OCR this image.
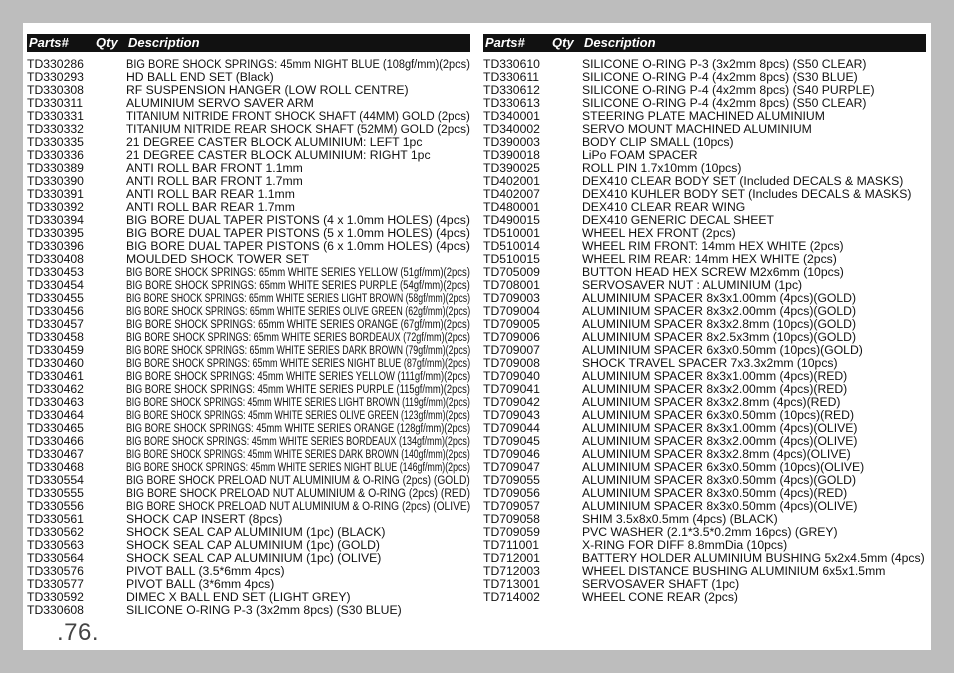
Parts# Qty Description
TD330286	BIG BORE SHOCK SPRINGS: 45mm NIGHT BLUE (108gf/mm)(2pcs)
TD330293	HD BALL END SET (Black)
TD330308	RF SUSPENSION HANGER (LOW ROLL CENTRE)
TD330311	ALUMINIUM SERVO SAVER ARM
TD330331	TITANIUM NITRIDE FRONT SHOCK SHAFT (44MM) GOLD (2pcs)
TD330332	TITANIUM NITRIDE REAR SHOCK SHAFT (52MM) GOLD (2pcs)
TD330335	21 DEGREE CASTER BLOCK ALUMINIUM: LEFT 1pc
TD330336	21 DEGREE CASTER BLOCK ALUMINIUM: RIGHT 1pc
TD330389	ANTI ROLL BAR FRONT 1.1mm
TD330390	ANTI ROLL BAR FRONT 1.7mm
TD330391	ANTI ROLL BAR REAR 1.1mm
TD330392	ANTI ROLL BAR REAR 1.7mm
TD330394	BIG BORE DUAL TAPER PISTONS (4 x 1.0mm HOLES) (4pcs)
TD330395	BIG BORE DUAL TAPER PISTONS (5 x 1.0mm HOLES) (4pcs)
TD330396	BIG BORE DUAL TAPER PISTONS (6 x 1.0mm HOLES) (4pcs)
TD330408	MOULDED SHOCK TOWER SET
TD330453	BIG BORE SHOCK SPRINGS: 65mm WHITE SERIES YELLOW (51gf/mm)(2pcs)
TD330454	BIG BORE SHOCK SPRINGS: 65mm WHITE SERIES PURPLE (54gf/mm)(2pcs)
TD330455	BIG BORE SHOCK SPRINGS: 65mm WHITE SERIES LIGHT BROWN (58gf/mm)(2pcs)
TD330456	BIG BORE SHOCK SPRINGS: 65mm WHITE SERIES OLIVE GREEN (62gf/mm)(2pcs)
TD330457	BIG BORE SHOCK SPRINGS: 65mm WHITE SERIES ORANGE (67gf/mm)(2pcs)
TD330458	BIG BORE SHOCK SPRINGS: 65mm WHITE SERIES BORDEAUX (72gf/mm)(2pcs)
TD330459	BIG BORE SHOCK SPRINGS: 65mm WHITE SERIES DARK BROWN (79gf/mm)(2pcs)
TD330460	BIG BORE SHOCK SPRINGS: 65mm WHITE SERIES NIGHT BLUE (87gf/mm)(2pcs)
TD330461	BIG BORE SHOCK SPRINGS: 45mm WHITE SERIES YELLOW (111gf/mm)(2pcs)
TD330462	BIG BORE SHOCK SPRINGS: 45mm WHITE SERIES PURPLE (115gf/mm)(2pcs)
TD330463	BIG BORE SHOCK SPRINGS: 45mm WHITE SERIES LIGHT BROWN (119gf/mm)(2pcs)
TD330464	BIG BORE SHOCK SPRINGS: 45mm WHITE SERIES OLIVE GREEN (123gf/mm)(2pcs)
TD330465	BIG BORE SHOCK SPRINGS: 45mm WHITE SERIES ORANGE (128gf/mm)(2pcs)
TD330466	BIG BORE SHOCK SPRINGS: 45mm WHITE SERIES BORDEAUX (134gf/mm)(2pcs)
TD330467	BIG BORE SHOCK SPRINGS: 45mm WHITE SERIES DARK BROWN (140gf/mm)(2pcs)
TD330468	BIG BORE SHOCK SPRINGS: 45mm WHITE SERIES NIGHT BLUE (146gf/mm)(2pcs)
TD330554	BIG BORE SHOCK PRELOAD NUT ALUMINIUM & O-RING (2pcs) (GOLD)
TD330555	BIG BORE SHOCK PRELOAD NUT ALUMINIUM & O-RING (2pcs) (RED)
TD330556	BIG BORE SHOCK PRELOAD NUT ALUMINIUM & O-RING (2pcs) (OLIVE)
TD330561	SHOCK CAP INSERT (8pcs)
TD330562	SHOCK SEAL CAP ALUMINIUM (1pc) (BLACK)
TD330563	SHOCK SEAL CAP ALUMINIUM (1pc) (GOLD)
TD330564	SHOCK SEAL CAP ALUMINIUM (1pc) (OLIVE)
TD330576	PIVOT BALL (3.5*6mm 4pcs)
TD330577	PIVOT BALL (3*6mm 4pcs)
TD330592	DIMEC X BALL END SET (LIGHT GREY)
TD330608	SILICONE O-RING P-3 (3x2mm 8pcs) (S30 BLUE)
Parts# Qty Description
TD330610	SILICONE O-RING P-3 (3x2mm 8pcs) (S50 CLEAR)
TD330611	SILICONE O-RING P-4 (4x2mm 8pcs) (S30 BLUE)
TD330612	SILICONE O-RING P-4 (4x2mm 8pcs) (S40 PURPLE)
TD330613	SILICONE O-RING P-4 (4x2mm 8pcs) (S50 CLEAR)
TD340001	STEERING PLATE MACHINED ALUMINIUM
TD340002	SERVO MOUNT MACHINED ALUMINIUM
TD390003	BODY CLIP SMALL (10pcs)
TD390018	LiPo FOAM SPACER
TD390025	ROLL PIN 1.7x10mm (10pcs)
TD402001	DEX410 CLEAR BODY SET (Included DECALS & MASKS)
TD402007	DEX410 KUHLER BODY SET (Includes DECALS & MASKS)
TD480001	DEX410 CLEAR REAR WING
TD490015	DEX410 GENERIC DECAL SHEET
TD510001	WHEEL HEX FRONT (2pcs)
TD510014	WHEEL RIM FRONT: 14mm HEX WHITE (2pcs)
TD510015	WHEEL RIM REAR: 14mm HEX WHITE (2pcs)
TD705009	BUTTON HEAD HEX SCREW M2x6mm (10pcs)
TD708001	SERVOSAVER NUT : ALUMINIUM (1pc)
TD709003	ALUMINIUM SPACER 8x3x1.00mm (4pcs)(GOLD)
TD709004	ALUMINIUM SPACER 8x3x2.00mm (4pcs)(GOLD)
TD709005	ALUMINIUM SPACER 8x3x2.8mm (10pcs)(GOLD)
TD709006	ALUMINIUM SPACER 8x2.5x3mm (10pcs)(GOLD)
TD709007	ALUMINIUM SPACER 6x3x0.50mm (10pcs)(GOLD)
TD709008	SHOCK TRAVEL SPACER 7x3.3x2mm (10pcs)
TD709040	ALUMINIUM SPACER 8x3x1.00mm (4pcs)(RED)
TD709041	ALUMINIUM SPACER 8x3x2.00mm (4pcs)(RED)
TD709042	ALUMINIUM SPACER 8x3x2.8mm (4pcs)(RED)
TD709043	ALUMINIUM SPACER 6x3x0.50mm (10pcs)(RED)
TD709044	ALUMINIUM SPACER 8x3x1.00mm (4pcs)(OLIVE)
TD709045	ALUMINIUM SPACER 8x3x2.00mm (4pcs)(OLIVE)
TD709046	ALUMINIUM SPACER 8x3x2.8mm (4pcs)(OLIVE)
TD709047	ALUMINIUM SPACER 6x3x0.50mm (10pcs)(OLIVE)
TD709055	ALUMINIUM SPACER 8x3x0.50mm (4pcs)(GOLD)
TD709056	ALUMINIUM SPACER 8x3x0.50mm (4pcs)(RED)
TD709057	ALUMINIUM SPACER 8x3x0.50mm (4pcs)(OLIVE)
TD709058	SHIM 3.5x8x0.5mm (4pcs) (BLACK)
TD709059	PVC WASHER (2.1*3.5*0.2mm 16pcs) (GREY)
TD711001	X-RING FOR DIFF 8.8mmDia (10pcs)
TD712001	BATTERY HOLDER ALUMINIUM BUSHING 5x2x4.5mm (4pcs)
TD712003	WHEEL DISTANCE BUSHING ALUMINIUM 6x5x1.5mm
TD713001	SERVOSAVER SHAFT (1pc)
TD714002	WHEEL CONE REAR (2pcs)
.76.
